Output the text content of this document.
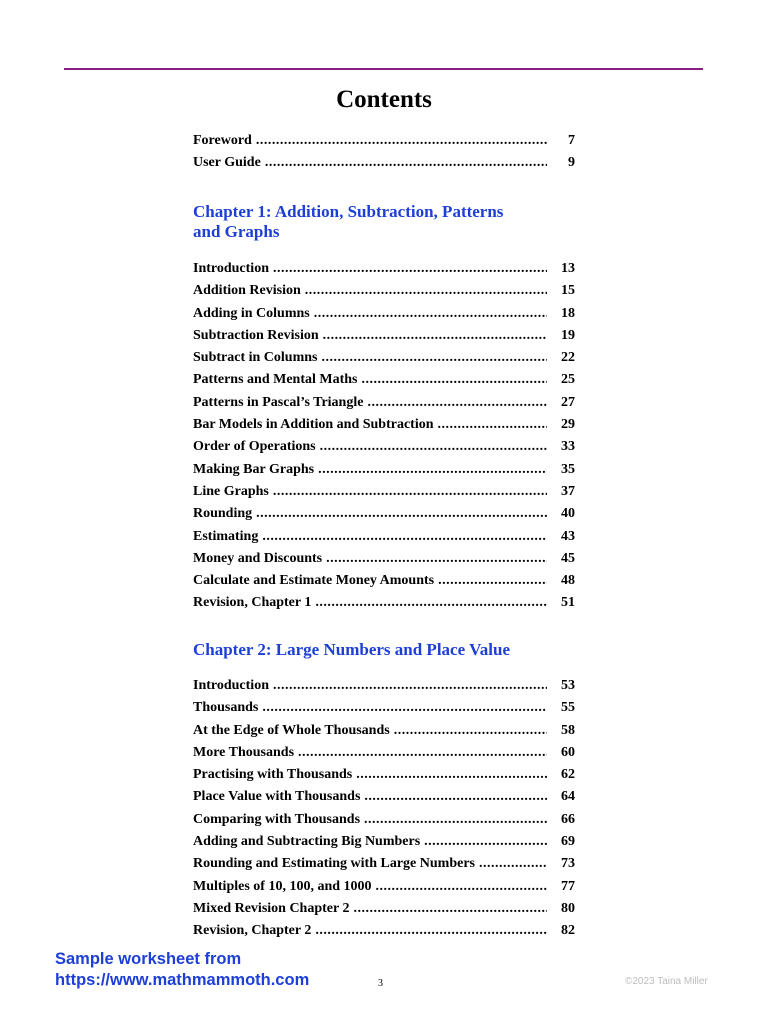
Contents
Foreword .....	7
User Guide .....	9
Chapter 1: Addition, Subtraction, Patterns
and Graphs
Introduction .....	13
Addition Revision .....	15
Adding in Columns .....	18
Subtraction Revision .....	19
Subtract in Columns .....	22
Patterns and Mental Maths .....	25
Patterns in Pascal’s Triangle .....	27
Bar Models in Addition and Subtraction .....	29
Order of Operations .....	33
Making Bar Graphs .....	35
Line Graphs .....	37
Rounding .....	40
Estimating .....	43
Money and Discounts .....	45
Calculate and Estimate Money Amounts .....	48
Revision, Chapter 1 .....	51
Chapter 2: Large Numbers and Place Value
Introduction .....	53
Thousands .....	55
At the Edge of Whole Thousands .....	58
More Thousands .....	60
Practising with Thousands .....	62
Place Value with Thousands .....	64
Comparing with Thousands .....	66
Adding and Subtracting Big Numbers .....	69
Rounding and Estimating with Large Numbers .....	73
Multiples of 10, 100, and 1000 .....	77
Mixed Revision Chapter 2 .....	80
Revision, Chapter 2 .....	82
Sample worksheet from
https://www.mathmammoth.com	3	©2023 Taina Miller
